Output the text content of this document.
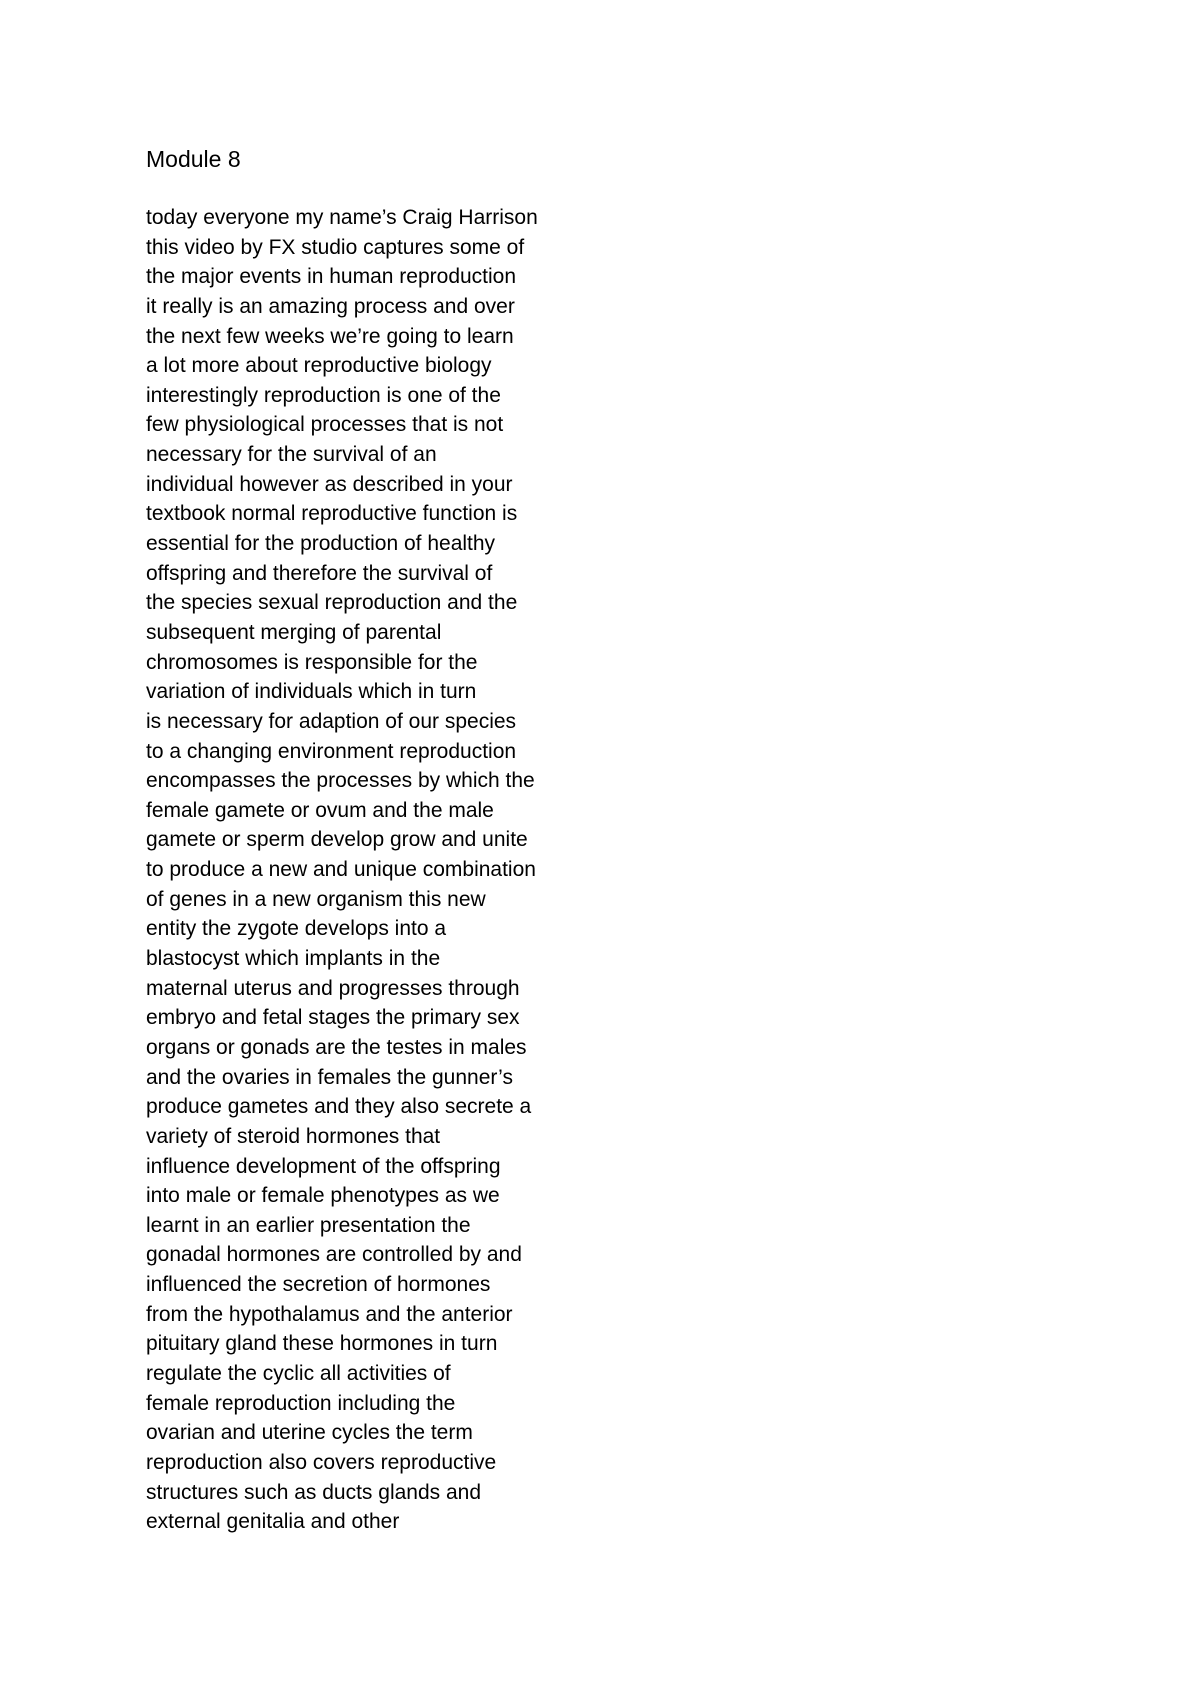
Module 8
today everyone my name’s Craig Harrison
this video by FX studio captures some of
the major events in human reproduction
it really is an amazing process and over
the next few weeks we’re going to learn
a lot more about reproductive biology
interestingly reproduction is one of the
few physiological processes that is not
necessary for the survival of an
individual however as described in your
textbook normal reproductive function is
essential for the production of healthy
offspring and therefore the survival of
the species sexual reproduction and the
subsequent merging of parental
chromosomes is responsible for the
variation of individuals which in turn
is necessary for adaption of our species
to a changing environment reproduction
encompasses the processes by which the
female gamete or ovum and the male
gamete or sperm develop grow and unite
to produce a new and unique combination
of genes in a new organism this new
entity the zygote develops into a
blastocyst which implants in the
maternal uterus and progresses through
embryo and fetal stages the primary sex
organs or gonads are the testes in males
and the ovaries in females the gunner’s
produce gametes and they also secrete a
variety of steroid hormones that
influence development of the offspring
into male or female phenotypes as we
learnt in an earlier presentation the
gonadal hormones are controlled by and
influenced the secretion of hormones
from the hypothalamus and the anterior
pituitary gland these hormones in turn
regulate the cyclic all activities of
female reproduction including the
ovarian and uterine cycles the term
reproduction also covers reproductive
structures such as ducts glands and
external genitalia and other
